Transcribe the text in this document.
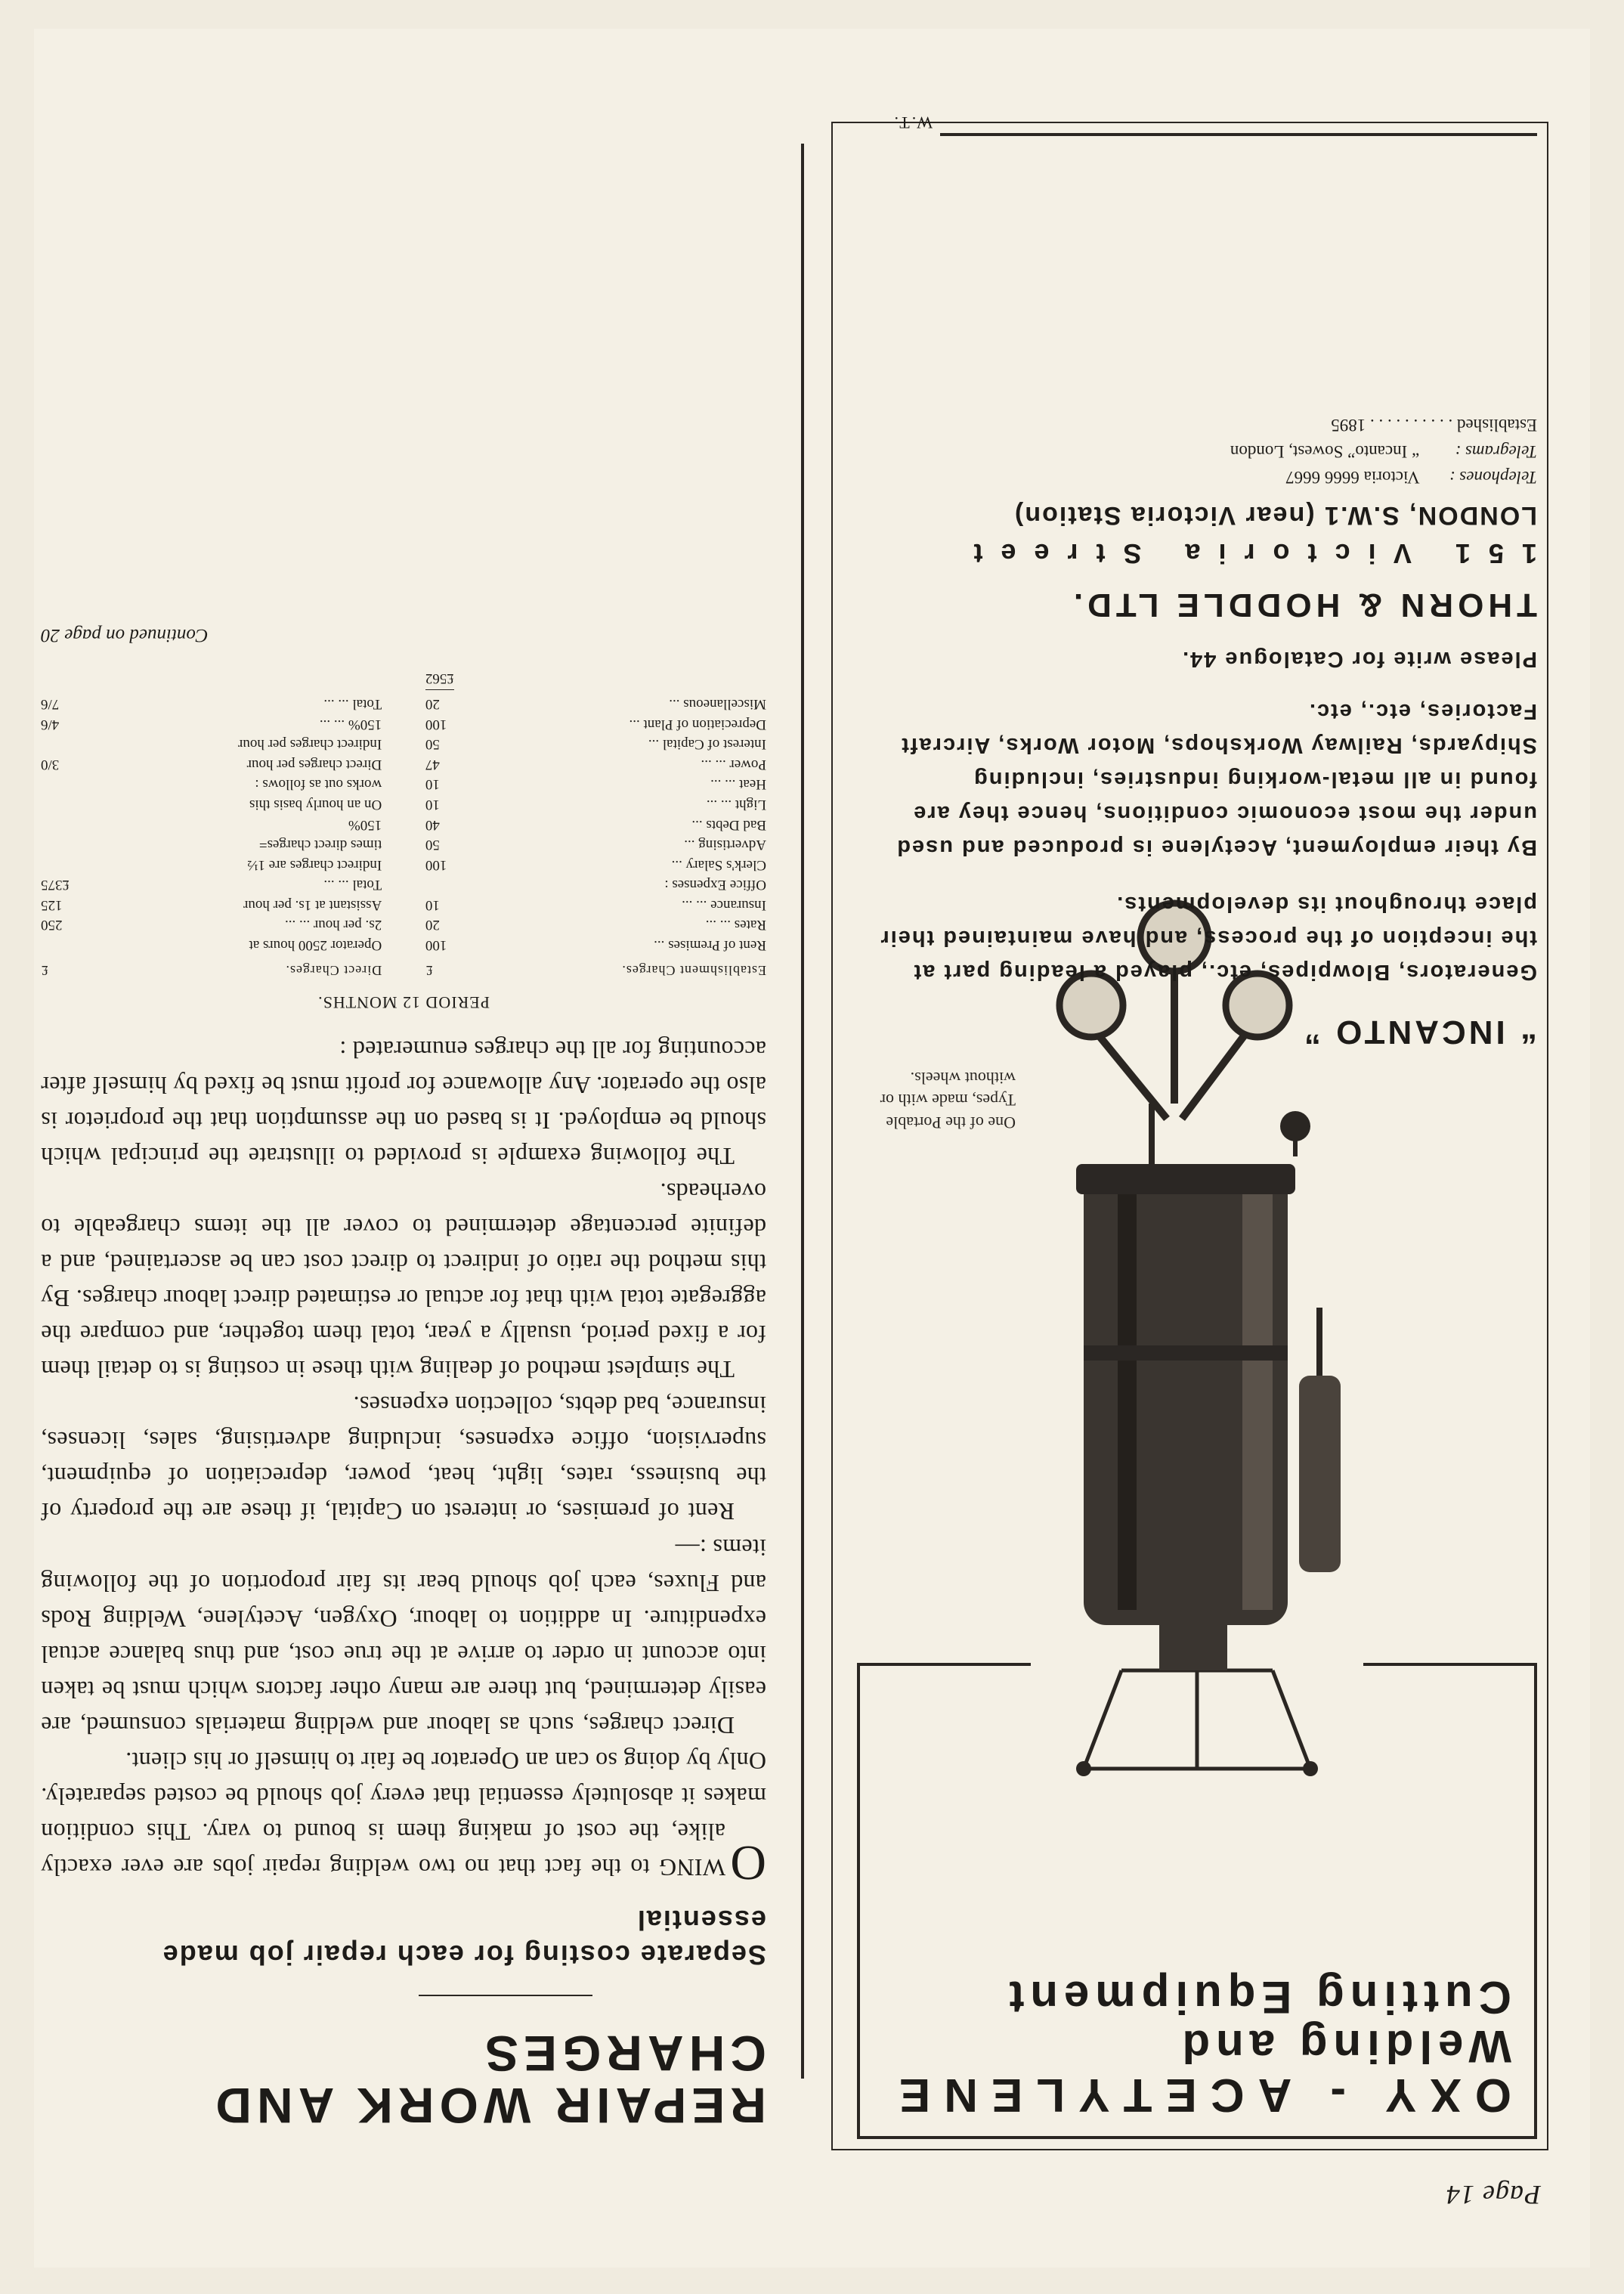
Page 14
OXY - ACETYLENE
Welding and
Cutting Equipment
One of the Portable Types, made with or without wheels.
“ INCANTO ”

Generators, Blowpipes, etc., played a leading part at the inception of the process, and have maintained their place throughout its developments.

By their employment, Acetylene is produced and used under the most economic conditions, hence they are found in all metal-working industries, including Shipyards, Railway Workshops, Motor Works, Aircraft Factories, etc., etc.

Please write for Catalogue 44.
THORN & HODDLE LTD.
151 Victoria Street
LONDON, S.W.1 (near Victoria Station)
Telephones : Victoria 6666 6667
Telegrams : “ Incanto” Sowest, London
Established . . . . . . . . . . 1895
W.T.
REPAIR WORK AND CHARGES
Separate costing for each repair job made essential

O
WING to the fact that no two welding repair jobs are ever exactly alike, the cost of making them is bound to vary. This condition makes it absolutely essential that every job should be costed separately. Only by doing so can an Operator be fair to himself or his client.

Direct charges, such as labour and welding materials consumed, are easily determined, but there are many other factors which must be taken into account in order to arrive at the true cost, and thus balance actual expenditure. In addition to labour, Oxygen, Acetylene, Welding Rods and Fluxes, each job should bear its fair proportion of the following items :—

Rent of premises, or interest on Capital, if these are the property of the business, rates, light, heat, power, depreciation of equipment, supervision, office expenses, including advertising, sales, licenses, insurance, bad debts, collection expenses.

The simplest method of dealing with these in costing is to detail them for a fixed period, usually a year, total them together, and compare the aggregate total with that for actual or estimated direct labour charges. By this method the ratio of indirect to direct cost can be ascertained, and a definite percentage determined to cover all the items chargeable to overheads.

The following example is provided to illustrate the principal which should be employed. It is based on the assumption that the proprietor is also the operator. Any allowance for profit must be fixed by himself after accounting for all the charges enumerated :

PERIOD 12 MONTHS.
Establishment Charges.
£
Rent of Premises ...
100
Rates ... ...
20
Insurance ... ...
10
Office Expenses :
Clerk's Salary ...
100
Advertising ...
50
Bad Debts ...
40
Light ... ...
10
Heat ... ...
10
Power ... ...
47
Interest of Capital ...
50
Depreciation of Plant ...
100
Miscellaneous ...
20
£562
Direct Charges.
£
Operator 2500 hours at
2s. per hour ... ...
250
Assistant at 1s. per hour
125
Total ... ...
£375
Indirect charges are 1½
times direct charges=
150%
On an hourly basis this
works out as follows :
Direct charges per hour
3/0
Indirect charges per hour
150% ... ...
4/6
Total ... ...
7/6
Continued on page 20
